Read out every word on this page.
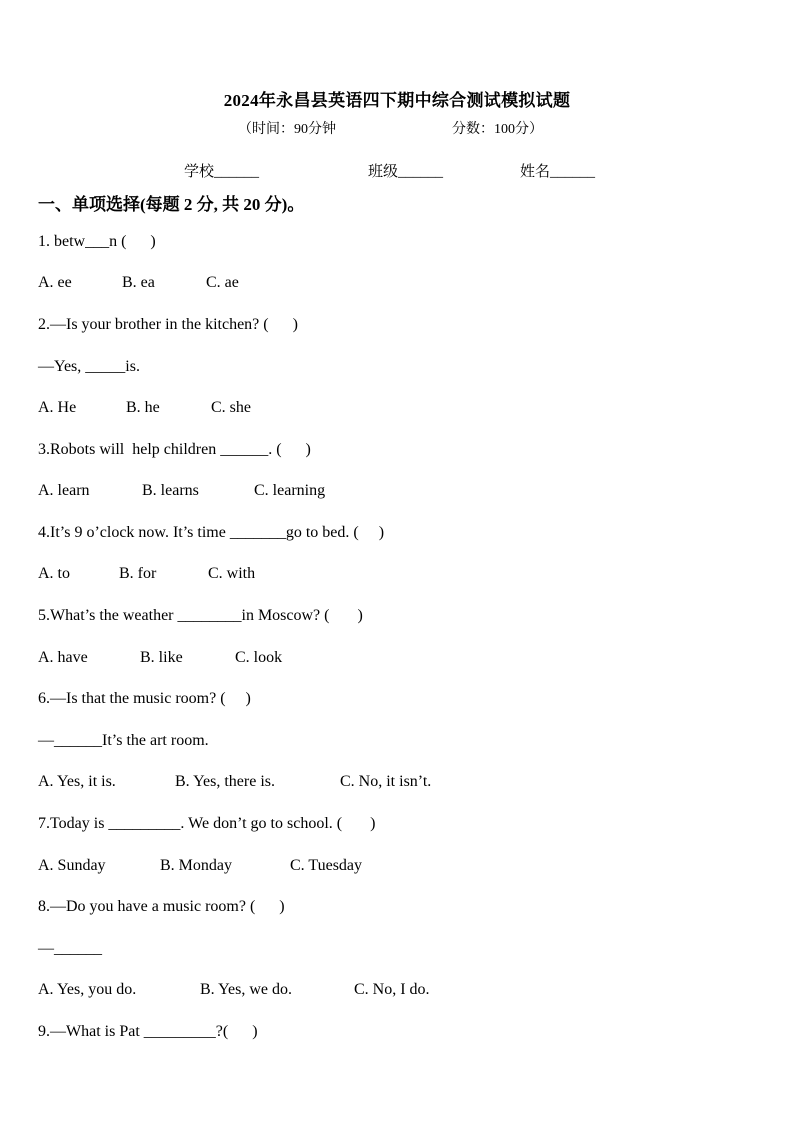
2024年永昌县英语四下期中综合测试模拟试题
（时间：90分钟	分数：100分）
学校______	班级______	姓名______
一、单项选择(每题 2 分, 共 20 分)。
1. betw___n (      )
A. ee	B. ea	C. ae
2.—Is your brother in the kitchen? (      )
—Yes, _____is.
A. He	B. he	C. she
3.Robots will  help children ______. (      )
A. learn	B. learns	C. learning
4.It’s 9 o’clock now. It’s time _______go to bed. (     )
A. to	B. for	C. with
5.What’s the weather ________in Moscow? (       )
A. have	B. like	C. look
6.—Is that the music room? (     )
—______It’s the art room.
A. Yes, it is.	B. Yes, there is.	C. No, it isn’t.
7.Today is _________. We don’t go to school. (       )
A. Sunday	B. Monday	C. Tuesday
8.—Do you have a music room? (      )
—______
A. Yes, you do.	B. Yes, we do.	C. No, I do.
9.—What is Pat _________?(      )
